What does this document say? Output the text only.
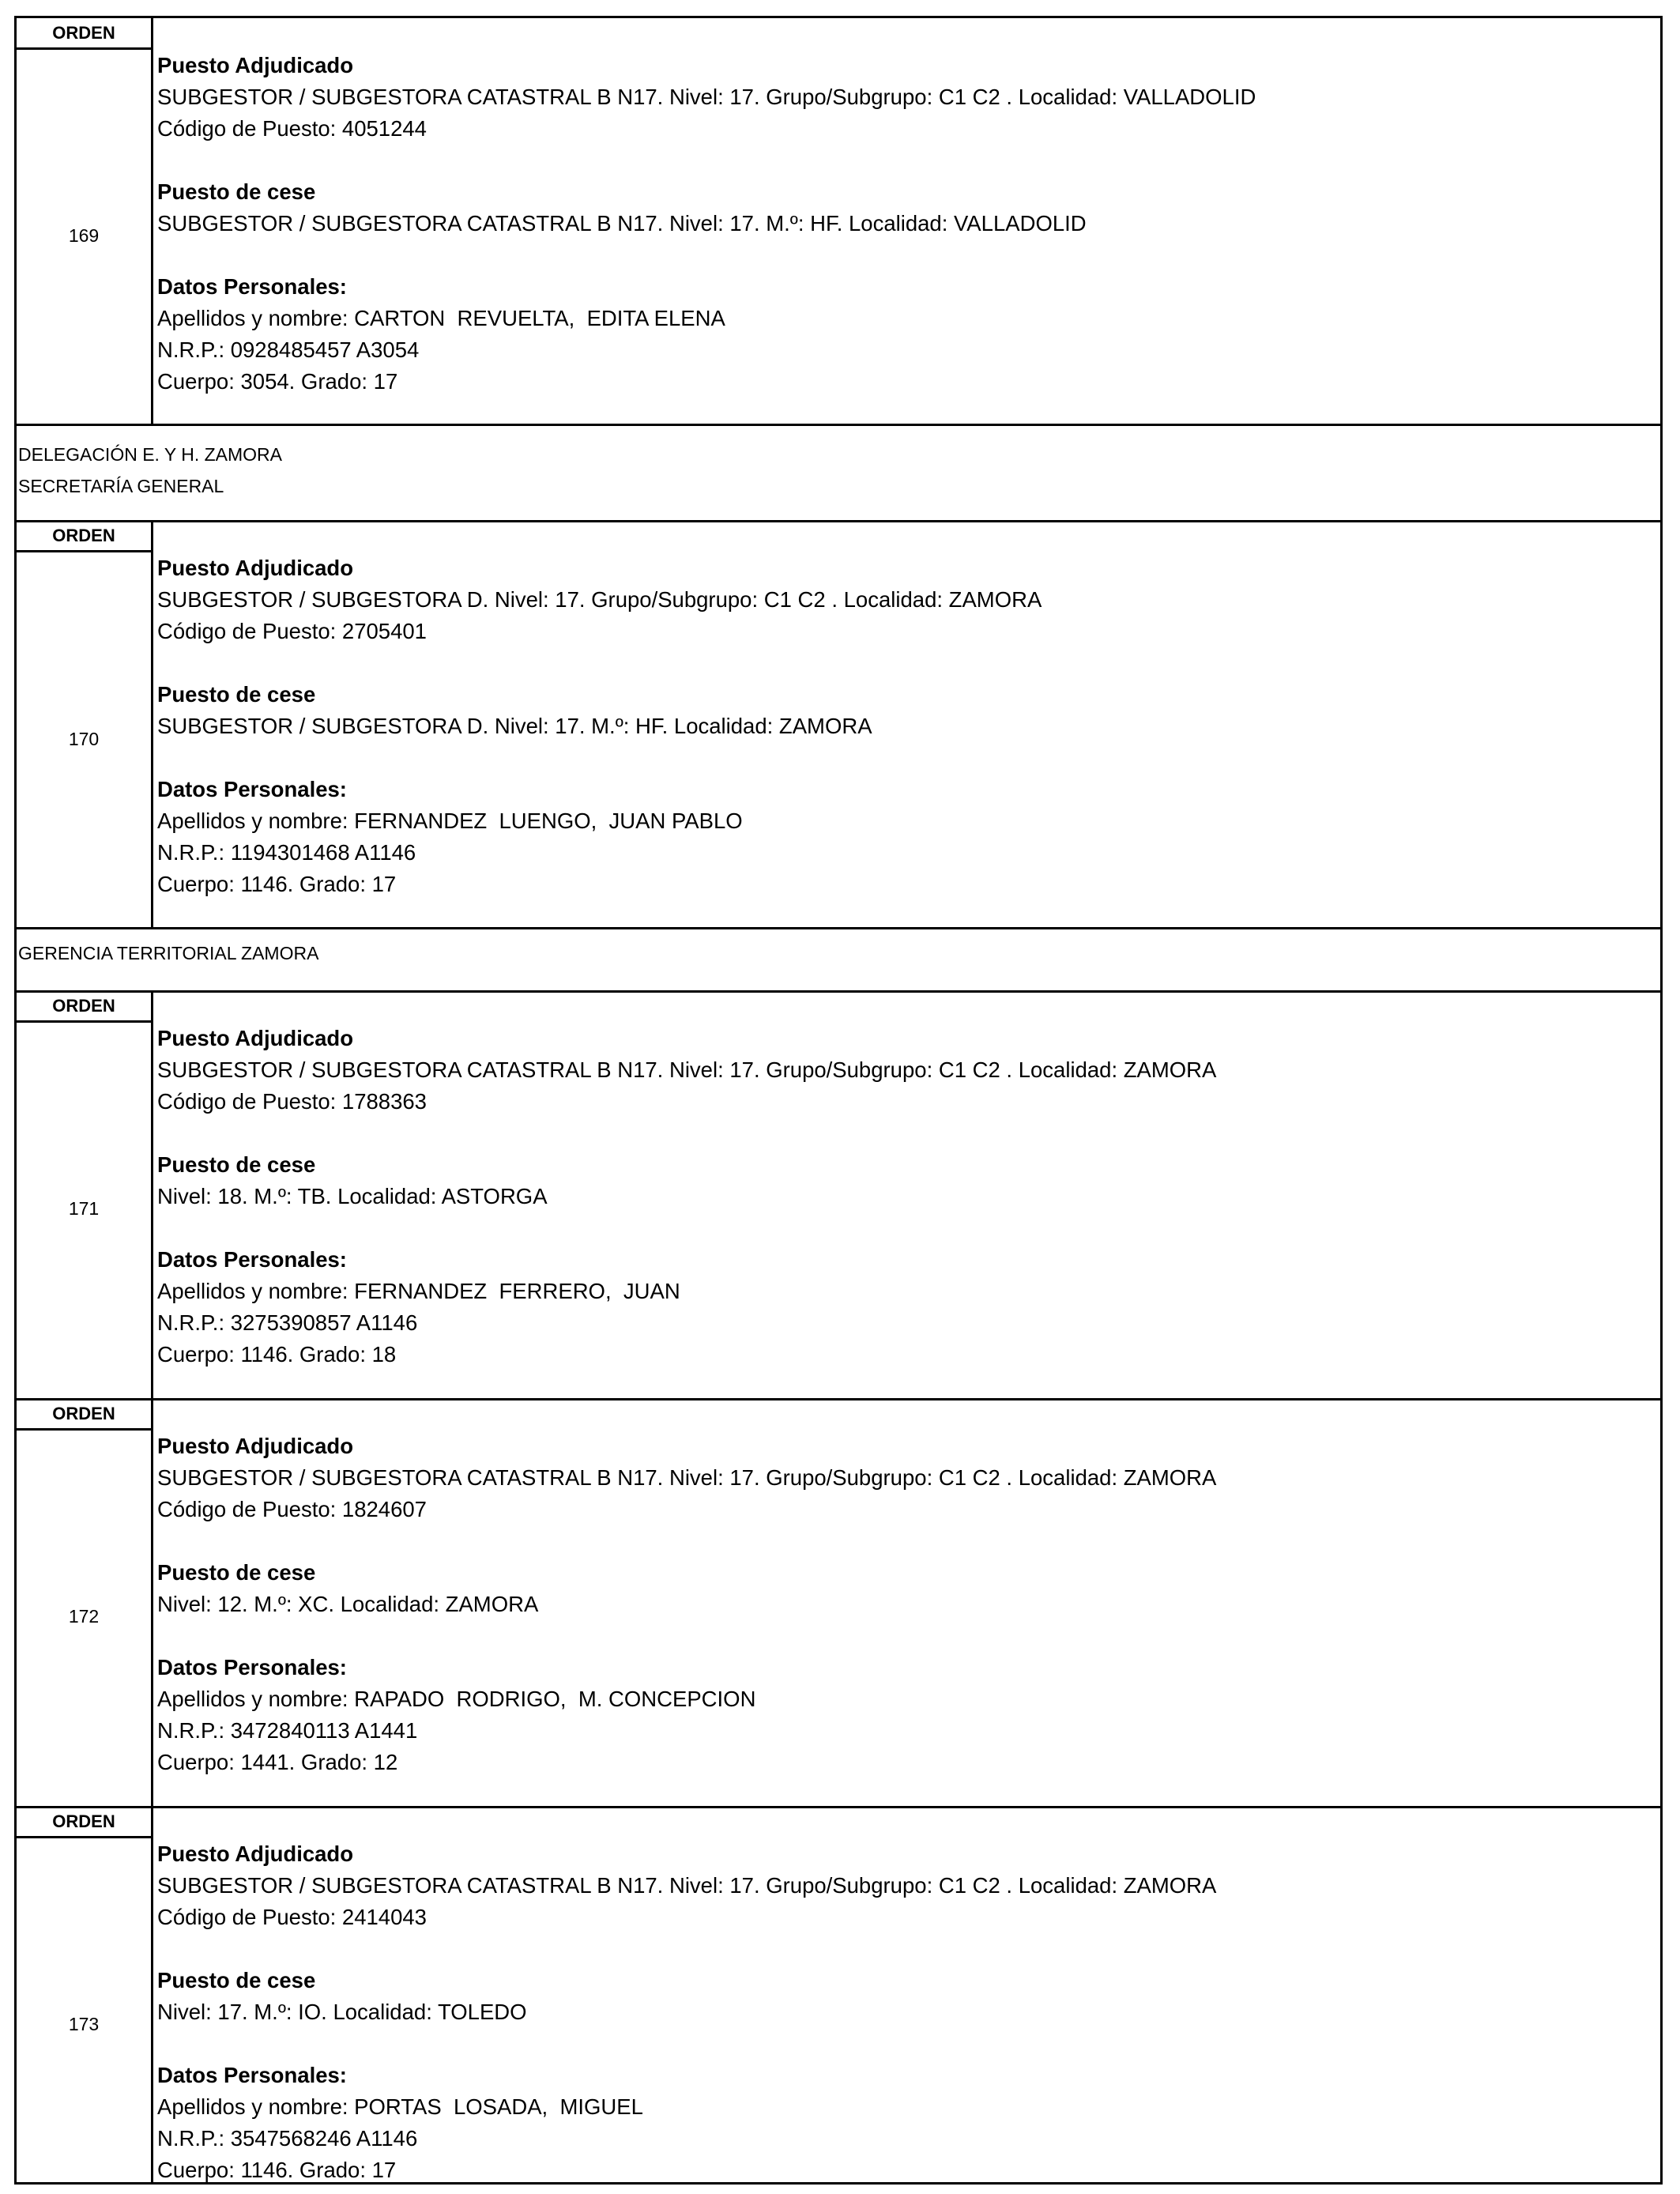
ORDEN
169
Puesto Adjudicado
SUBGESTOR / SUBGESTORA CATASTRAL B N17. Nivel: 17. Grupo/Subgrupo: C1 C2 . Localidad: VALLADOLID
Código de Puesto: 4051244
Puesto de cese
SUBGESTOR / SUBGESTORA CATASTRAL B N17. Nivel: 17. M.º: HF. Localidad: VALLADOLID
Datos Personales:
Apellidos y nombre: CARTON  REVUELTA,  EDITA ELENA
N.R.P.: 0928485457 A3054
Cuerpo: 3054. Grado: 17
DELEGACIÓN E. Y H. ZAMORA
SECRETARÍA GENERAL
ORDEN
170
Puesto Adjudicado
SUBGESTOR / SUBGESTORA D. Nivel: 17. Grupo/Subgrupo: C1 C2 . Localidad: ZAMORA
Código de Puesto: 2705401
Puesto de cese
SUBGESTOR / SUBGESTORA D. Nivel: 17. M.º: HF. Localidad: ZAMORA
Datos Personales:
Apellidos y nombre: FERNANDEZ  LUENGO,  JUAN PABLO
N.R.P.: 1194301468 A1146
Cuerpo: 1146. Grado: 17
GERENCIA TERRITORIAL ZAMORA
ORDEN
171
Puesto Adjudicado
SUBGESTOR / SUBGESTORA CATASTRAL B N17. Nivel: 17. Grupo/Subgrupo: C1 C2 . Localidad: ZAMORA
Código de Puesto: 1788363
Puesto de cese
Nivel: 18. M.º: TB. Localidad: ASTORGA
Datos Personales:
Apellidos y nombre: FERNANDEZ  FERRERO,  JUAN
N.R.P.: 3275390857 A1146
Cuerpo: 1146. Grado: 18
ORDEN
172
Puesto Adjudicado
SUBGESTOR / SUBGESTORA CATASTRAL B N17. Nivel: 17. Grupo/Subgrupo: C1 C2 . Localidad: ZAMORA
Código de Puesto: 1824607
Puesto de cese
Nivel: 12. M.º: XC. Localidad: ZAMORA
Datos Personales:
Apellidos y nombre: RAPADO  RODRIGO,  M. CONCEPCION
N.R.P.: 3472840113 A1441
Cuerpo: 1441. Grado: 12
ORDEN
173
Puesto Adjudicado
SUBGESTOR / SUBGESTORA CATASTRAL B N17. Nivel: 17. Grupo/Subgrupo: C1 C2 . Localidad: ZAMORA
Código de Puesto: 2414043
Puesto de cese
Nivel: 17. M.º: IO. Localidad: TOLEDO
Datos Personales:
Apellidos y nombre: PORTAS  LOSADA,  MIGUEL
N.R.P.: 3547568246 A1146
Cuerpo: 1146. Grado: 17
